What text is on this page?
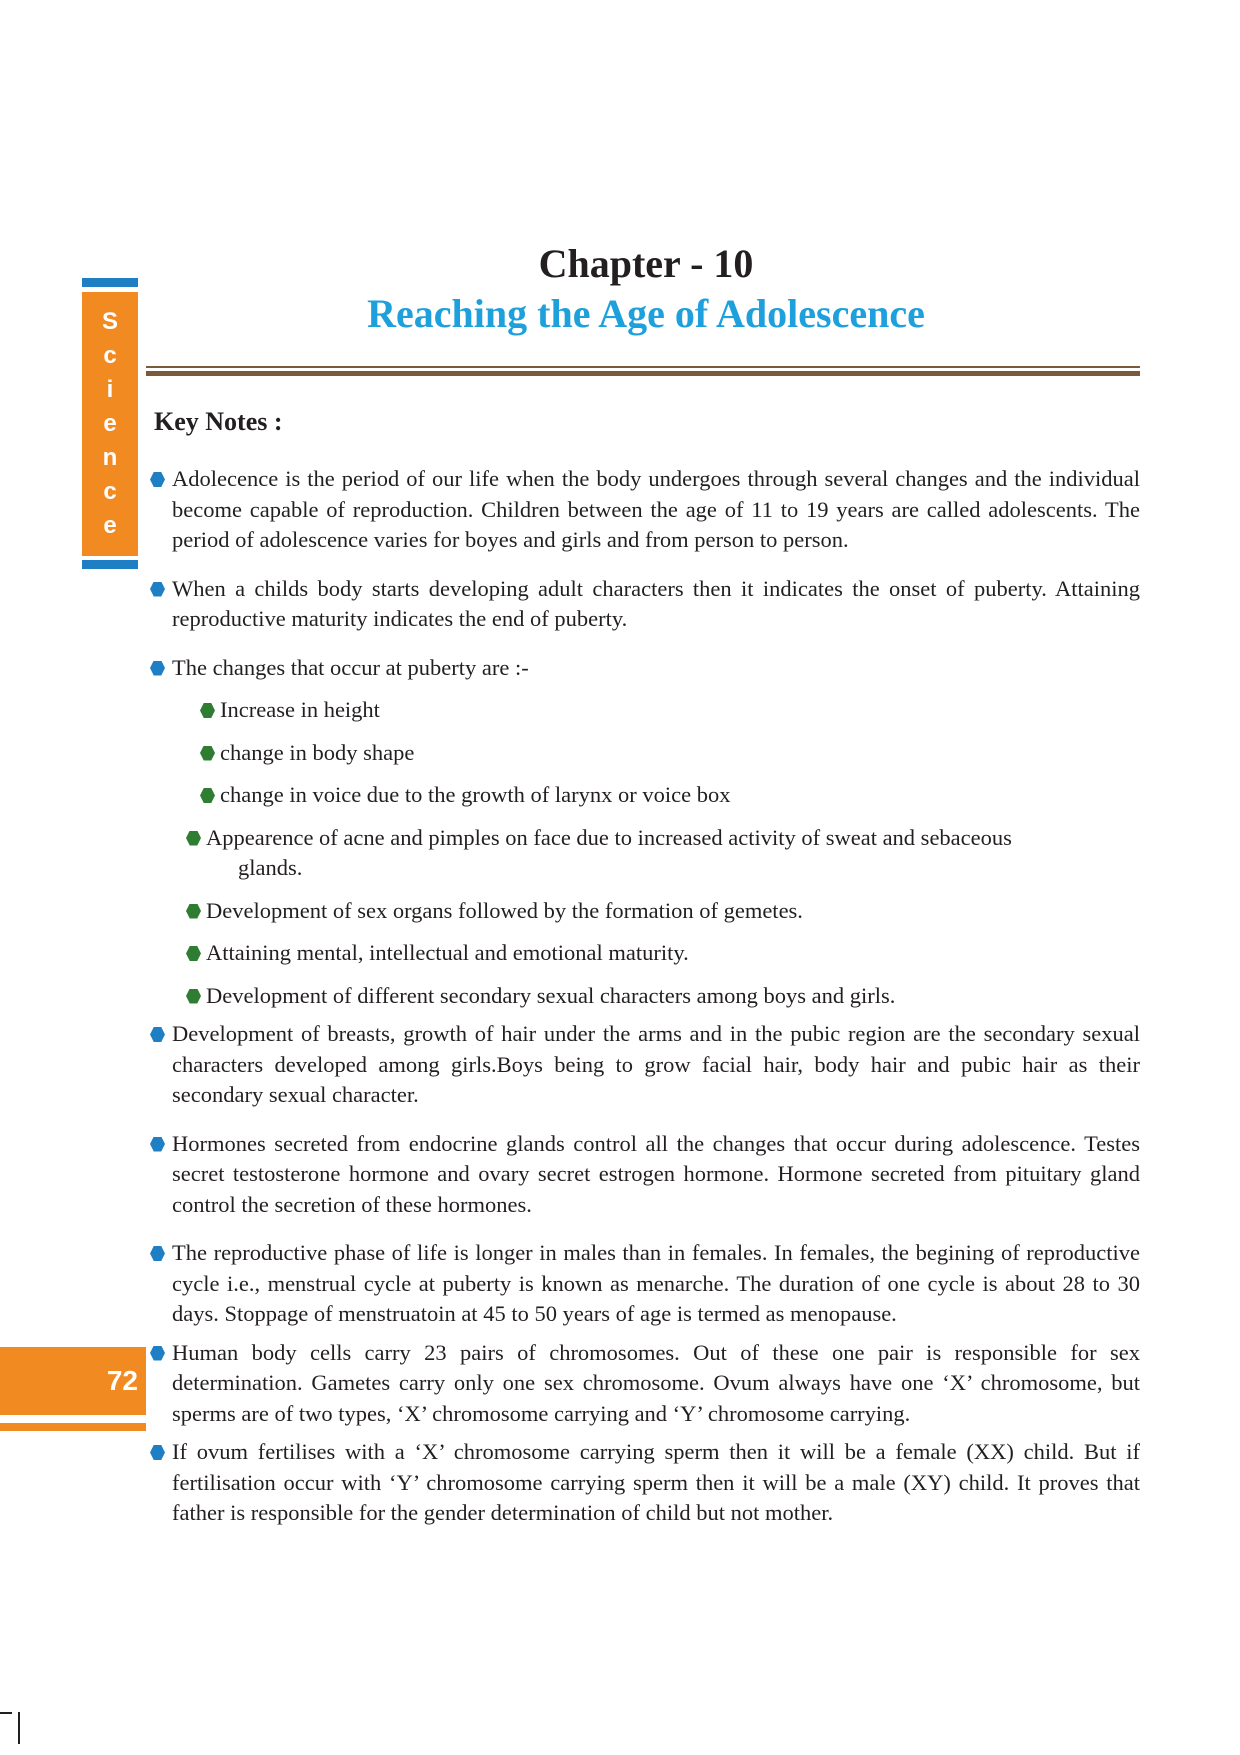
S
c
i
e
n
c
e
72
Chapter - 10
Reaching the Age of Adolescence
Key Notes :
Adolecence is the period of our life when the body undergoes through several changes and the individual become capable of reproduction. Children between the age of 11 to 19 years are called adolescents. The period of adolescence varies for boyes and girls and from person to person.
When a childs body starts developing adult characters then it indicates the onset of puberty. Attaining reproductive maturity indicates the end of puberty.
The changes that occur at puberty are :-
Increase in height
change in body shape
change in voice due to the growth of larynx or voice box
Appearence of acne and pimples on face due to increased activity of sweat and sebaceous
glands.
Development of sex organs followed by the formation of gemetes.
Attaining mental, intellectual and emotional maturity.
Development of different secondary sexual characters among boys and girls.
Development of breasts, growth of hair under the arms and in the pubic region are the secondary sexual characters developed among girls.Boys being to grow facial hair, body hair and pubic hair as their secondary sexual character.
Hormones secreted from endocrine glands control all the changes that occur during adolescence. Testes secret testosterone hormone and ovary secret estrogen hormone. Hormone secreted from pituitary gland control the secretion of these hormones.
The reproductive phase of life is longer in males than in females. In females, the begining of reproductive cycle i.e., menstrual cycle at puberty is known as menarche. The duration of one cycle is about 28 to 30 days. Stoppage of menstruatoin at 45 to 50 years of age is termed as menopause.
Human body cells carry 23 pairs of chromosomes. Out of these one pair is responsible for sex determination. Gametes carry only one sex chromosome. Ovum always have one ‘X’ chromosome, but sperms are of two types, ‘X’ chromosome carrying and ‘Y’ chromosome carrying.
If ovum fertilises with a ‘X’ chromosome carrying sperm then it will be a female (XX) child. But if fertilisation occur with ‘Y’ chromosome carrying sperm then it will be a male (XY) child. It proves that father is responsible for the gender determination of child but not mother.
